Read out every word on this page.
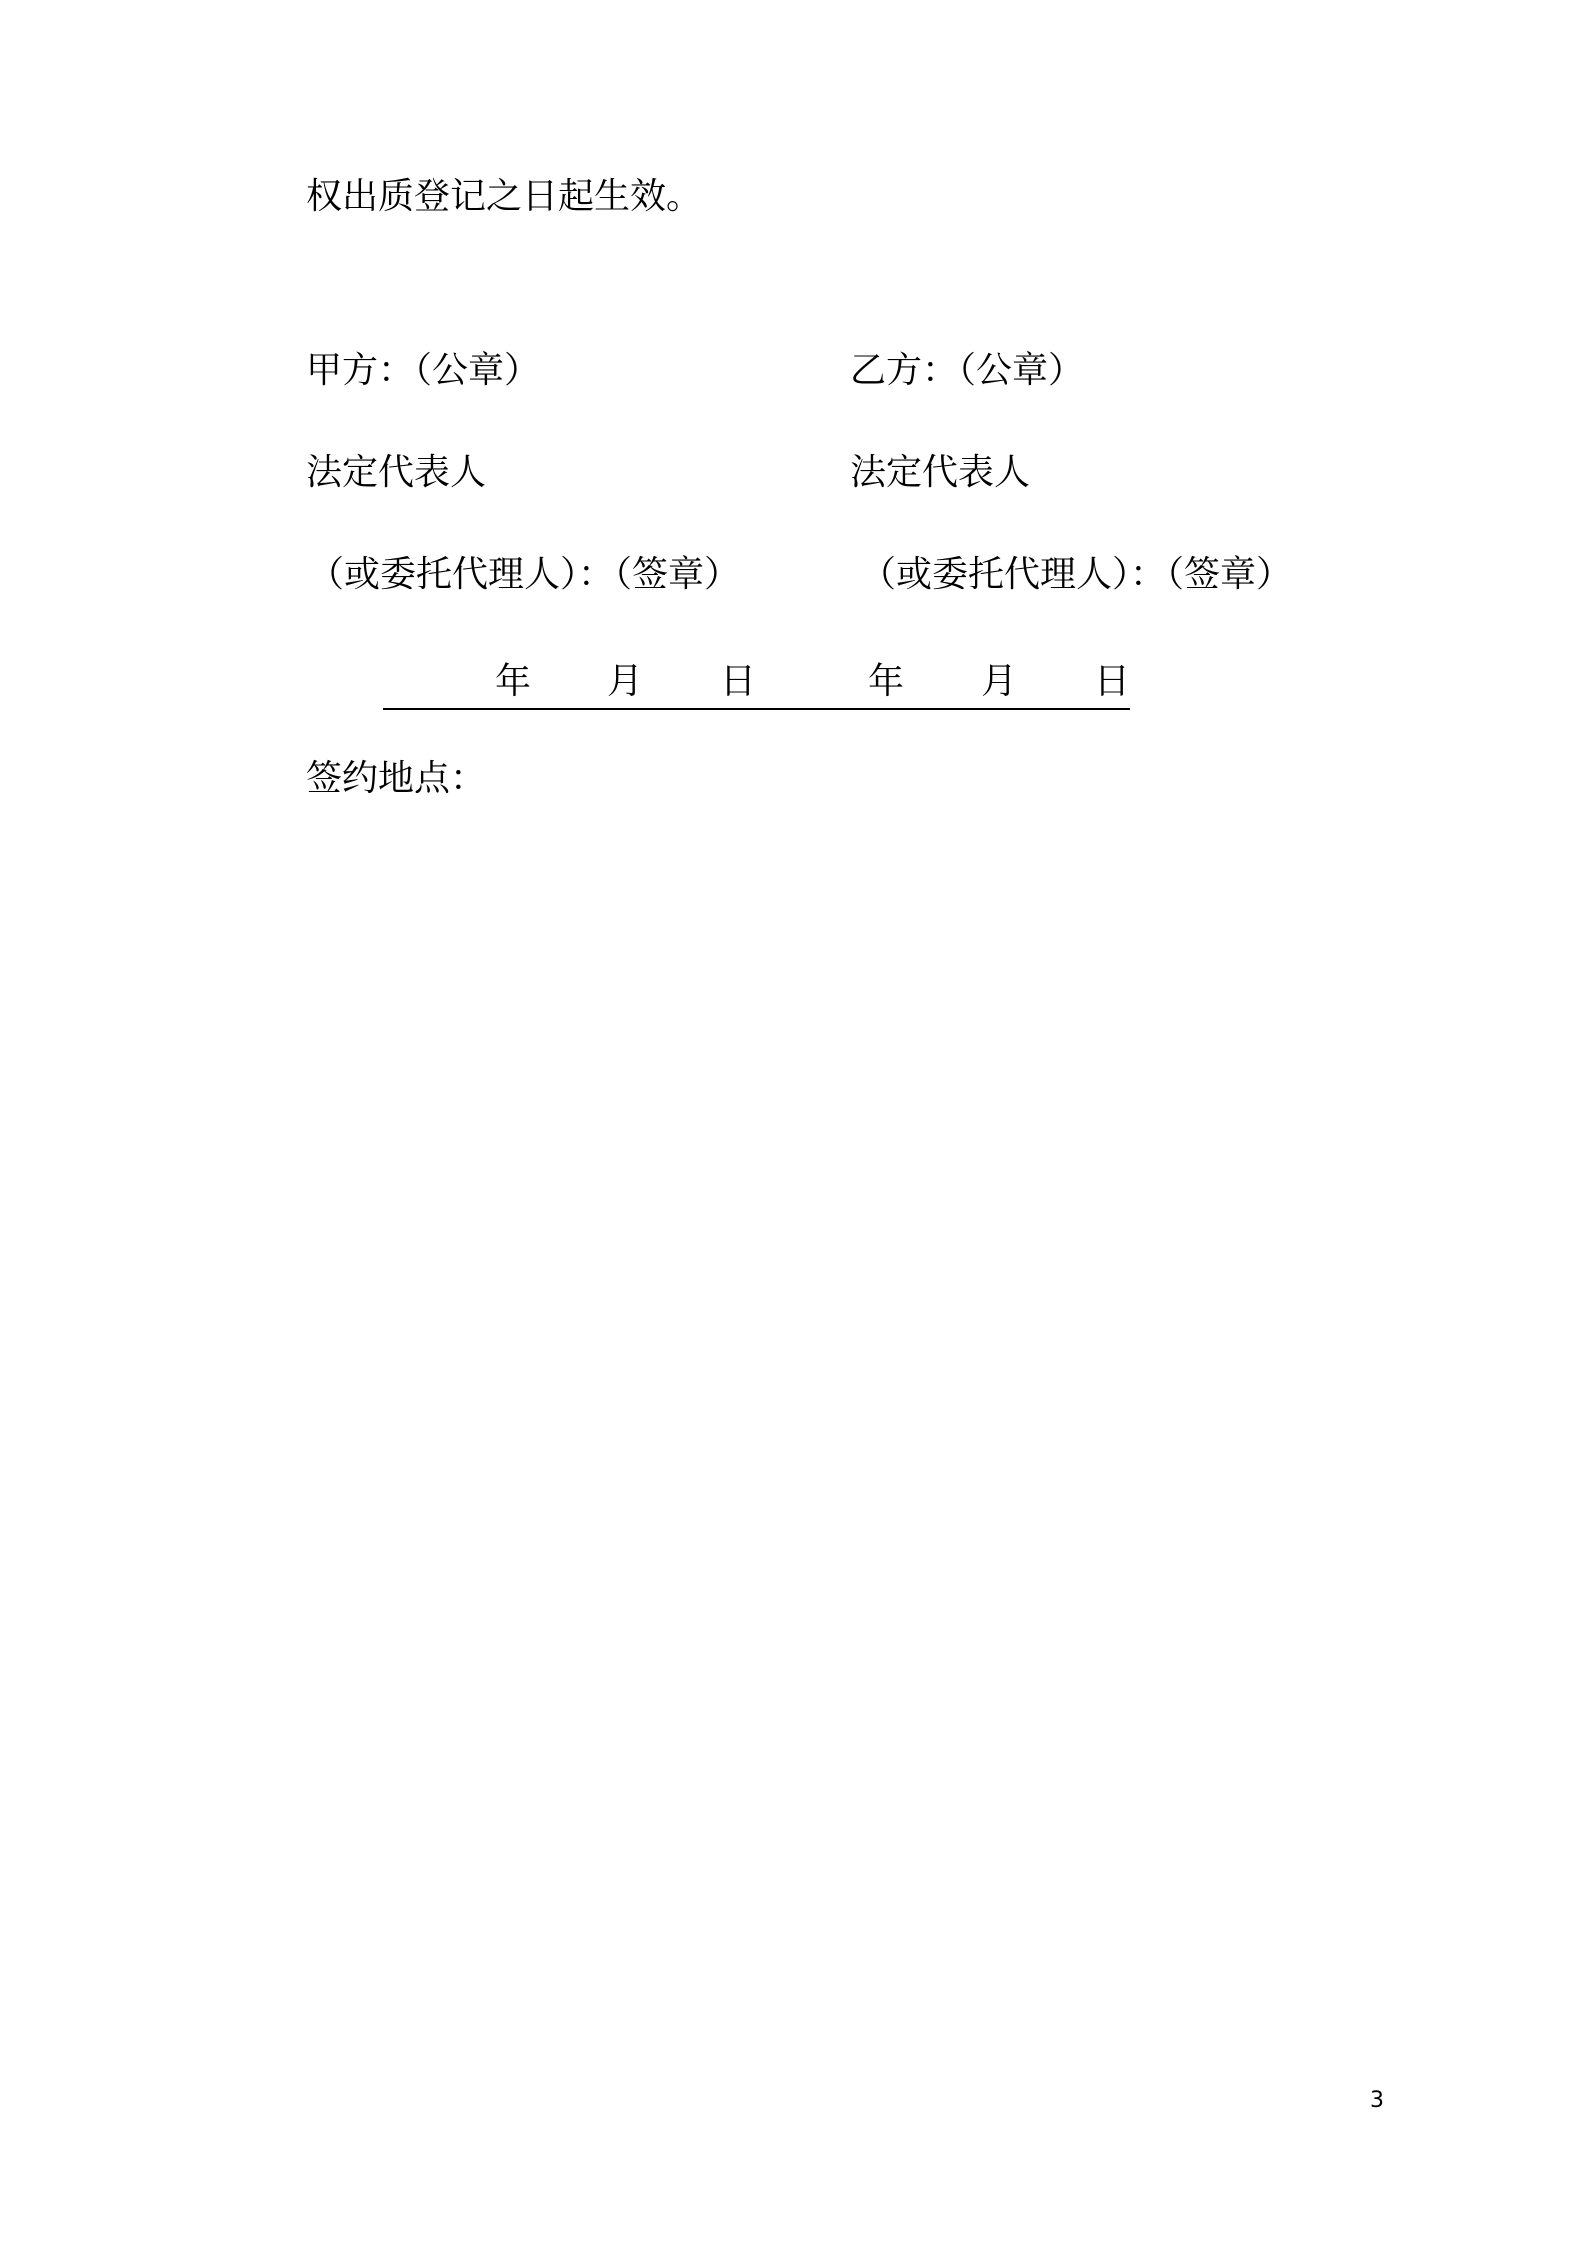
权出质登记之日起生效。
甲方：（公章）
法定代表人
（或委托代理人）：（签章）
年 月 日
乙方：（公章）
法定代表人
（或委托代理人）：（签章）
年 月 日
签约地点：
3
